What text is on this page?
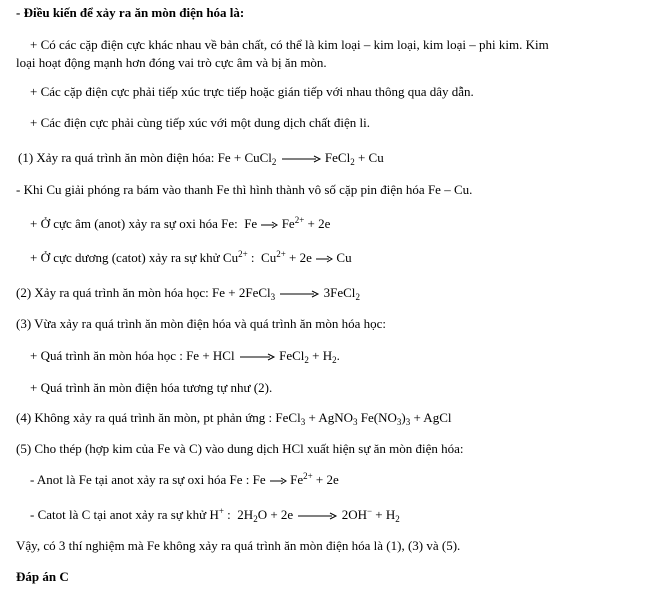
- Điều kiến để xảy ra ăn mòn điện hóa là:
+ Có các cặp điện cực khác nhau về bản chất, có thể là kim loại – kim loại, kim loại – phi kim. Kim
loại hoạt động mạnh hơn đóng vai trò cực âm và bị ăn mòn.
+ Các cặp điện cực phải tiếp xúc trực tiếp hoặc gián tiếp với nhau thông qua dây dẫn.
+ Các điện cực phải cùng tiếp xúc với một dung dịch chất điện li.
(1) Xảy ra quá trình ăn mòn điện hóa: Fe + CuCl$_2$	FeCl$_2$ + Cu
- Khi Cu giải phóng ra bám vào thanh Fe thì hình thành vô số cặp pin điện hóa Fe – Cu.
+ Ở cực âm (anot) xảy ra sự oxi hóa Fe: Fe $Fe^{2+} + 2e$
+ Ở cực dương (catot) xảy ra sự khử $Cu^{2+}$ : $Cu^{2+} + 2e$ Cu
(2) Xảy ra quá trình ăn mòn hóa học: Fe + 2FeCl$_3$	3FeCl$_2$
(3) Vừa xảy ra quá trình ăn mòn điện hóa và quá trình ăn mòn hóa học:
+ Quá trình ăn mòn hóa học : Fe + HCl	FeCl$_2$ + $H_2$.
+ Quá trình ăn mòn điện hóa tương tự như (2).
(4) Không xảy ra quá trình ăn mòn, pt phản ứng : FeCl$_3$ + AgNO$_3$ $Fe(NO_3)_3$ + AgCl
(5) Cho thép (hợp kim của Fe và C) vào dung dịch HCl xuất hiện sự ăn mòn điện hóa:
- Anot là Fe tại anot xảy ra sự oxi hóa Fe : Fe  $Fe^{2+} + 2e$
- Catot là C tại anot xảy ra sự khử H+ : $2H_2O + 2e$	$2OH^- + H_2$
Vậy, có 3 thí nghiệm mà Fe không xảy ra quá trình ăn mòn điện hóa là (1), (3) và (5).
Đáp án C
